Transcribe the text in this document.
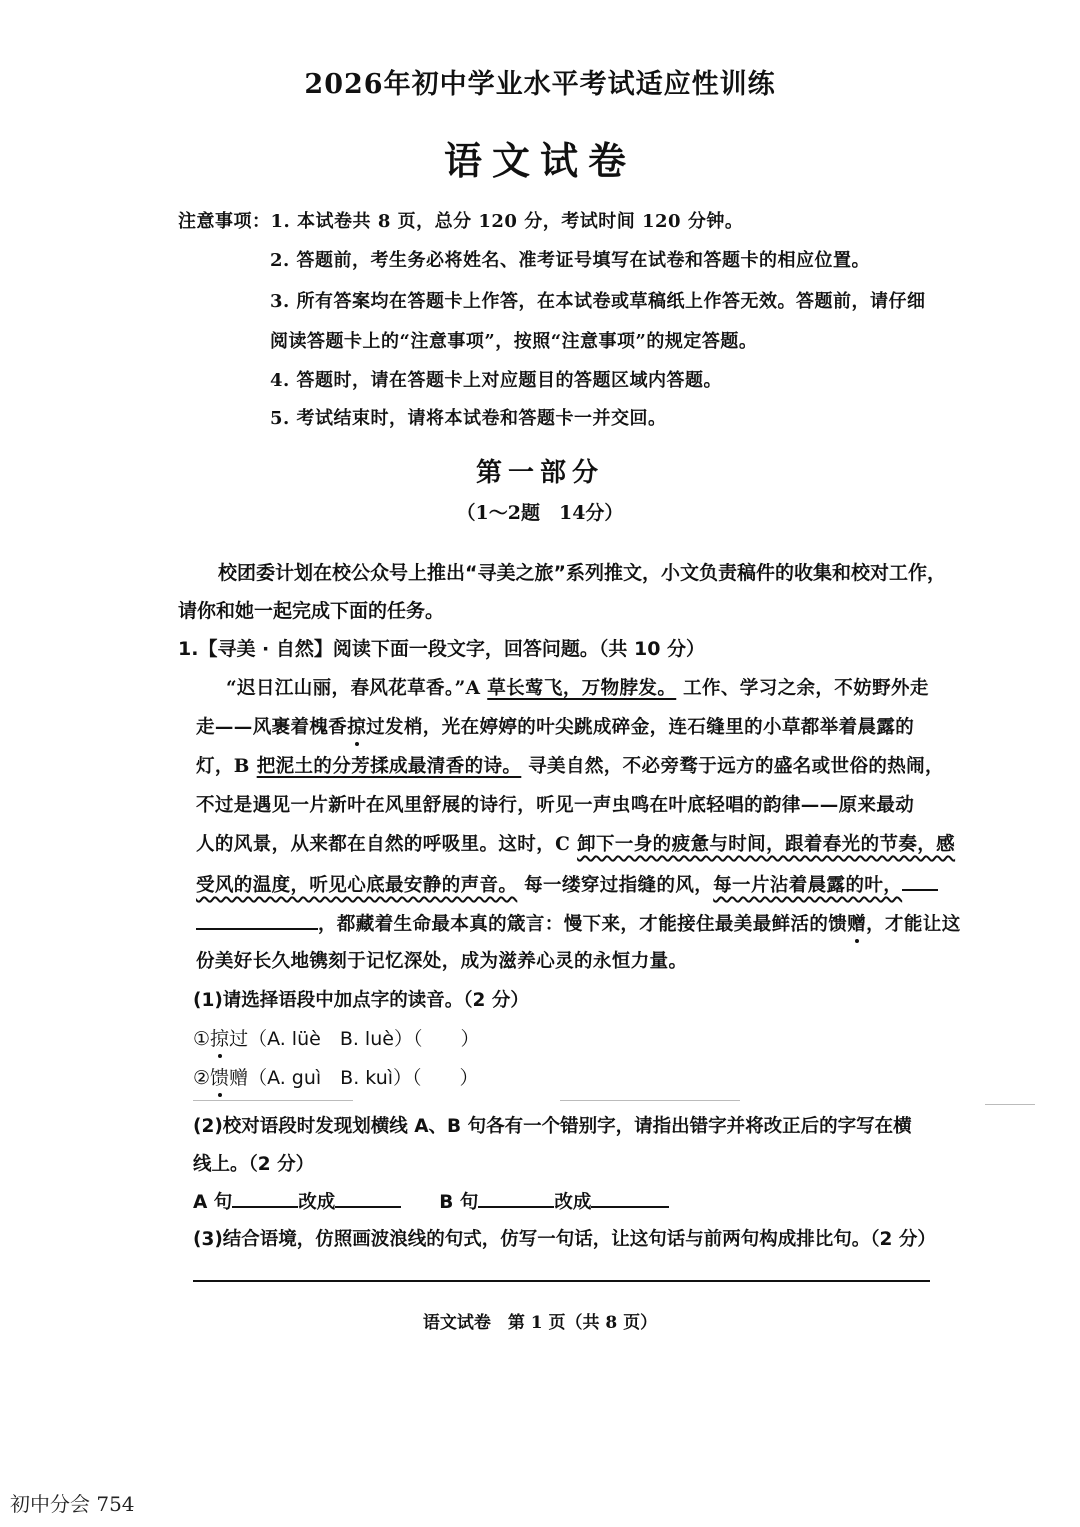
2026年初中学业水平考试适应性训练
语文试卷
注意事项：1. 本试卷共 8 页，总分 120 分，考试时间 120 分钟。
2. 答题前，考生务必将姓名、准考证号填写在试卷和答题卡的相应位置。
3. 所有答案均在答题卡上作答，在本试卷或草稿纸上作答无效。答题前，请仔细
阅读答题卡上的“注意事项”，按照“注意事项”的规定答题。
4. 答题时，请在答题卡上对应题目的答题区域内答题。
5. 考试结束时，请将本试卷和答题卡一并交回。
第一部分
（1～2题　14分）
校团委计划在校公众号上推出“寻美之旅”系列推文，小文负责稿件的收集和校对工作，
请你和她一起完成下面的任务。
1.【寻美 · 自然】阅读下面一段文字，回答问题。（共 10 分）
“迟日江山丽，春风花草香。”A 草长莺飞，万物脖发。 工作、学习之余，不妨野外走
走——风裹着槐香掠过发梢，光在婷婷的叶尖跳成碎金，连石缝里的小草都举着晨露的
灯，B 把泥土的分芳揉成最清香的诗。 寻美自然，不必旁骛于远方的盛名或世俗的热闹，
不过是遇见一片新叶在风里舒展的诗行，听见一声虫鸣在叶底轻唱的韵律——原来最动
人的风景，从来都在自然的呼吸里。这时，C 卸下一身的疲惫与时间，跟着春光的节奏，感
受风的温度，听见心底最安静的声音。 每一缕穿过指缝的风，每一片沾着晨露的叶，
，都藏着生命最本真的箴言：慢下来，才能接住最美最鲜活的馈赠，才能让这
份美好长久地镌刻于记忆深处，成为滋养心灵的永恒力量。
(1)请选择语段中加点字的读音。（2 分）
①掠过（A. lüè　B. luè）（　　）
②馈赠（A. guì　B. kuì）（　　）
(2)校对语段时发现划横线 A、B 句各有一个错别字，请指出错字并将改正后的字写在横
线上。（2 分）
A 句	改成	B 句	改成
(3)结合语境，仿照画波浪线的句式，仿写一句话，让这句话与前两句构成排比句。（2 分）
语文试卷　第 1 页（共 8 页）
初中分会 754
